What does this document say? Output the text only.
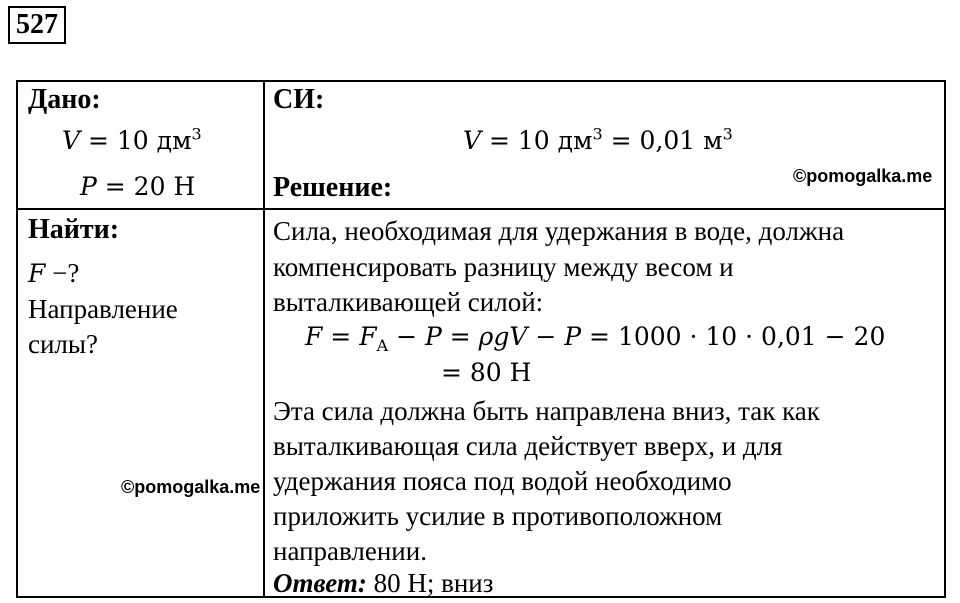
527
Дано:
V = 10 $дм^3$
P = 20 Н
Найти:
F −?
Направление
силы?
СИ:
V = 10 $дм^3 = 0,01$ $м^3$
Решение:
Сила, необходимая для удержания в воде, должна
компенсировать разницу между весом и
выталкивающей силой:
$F = F_A - P = \rho gV - P = 1000 \cdot 10 \cdot 0,01 - 20$
= 80 Н
Эта сила должна быть направлена вниз, так как
выталкивающая сила действует вверх, и для
удержания пояса под водой необходимо
приложить усилие в противоположном
направлении.
Ответ: 80 Н; вниз
©pomogalka.me
©pomogalka.me
